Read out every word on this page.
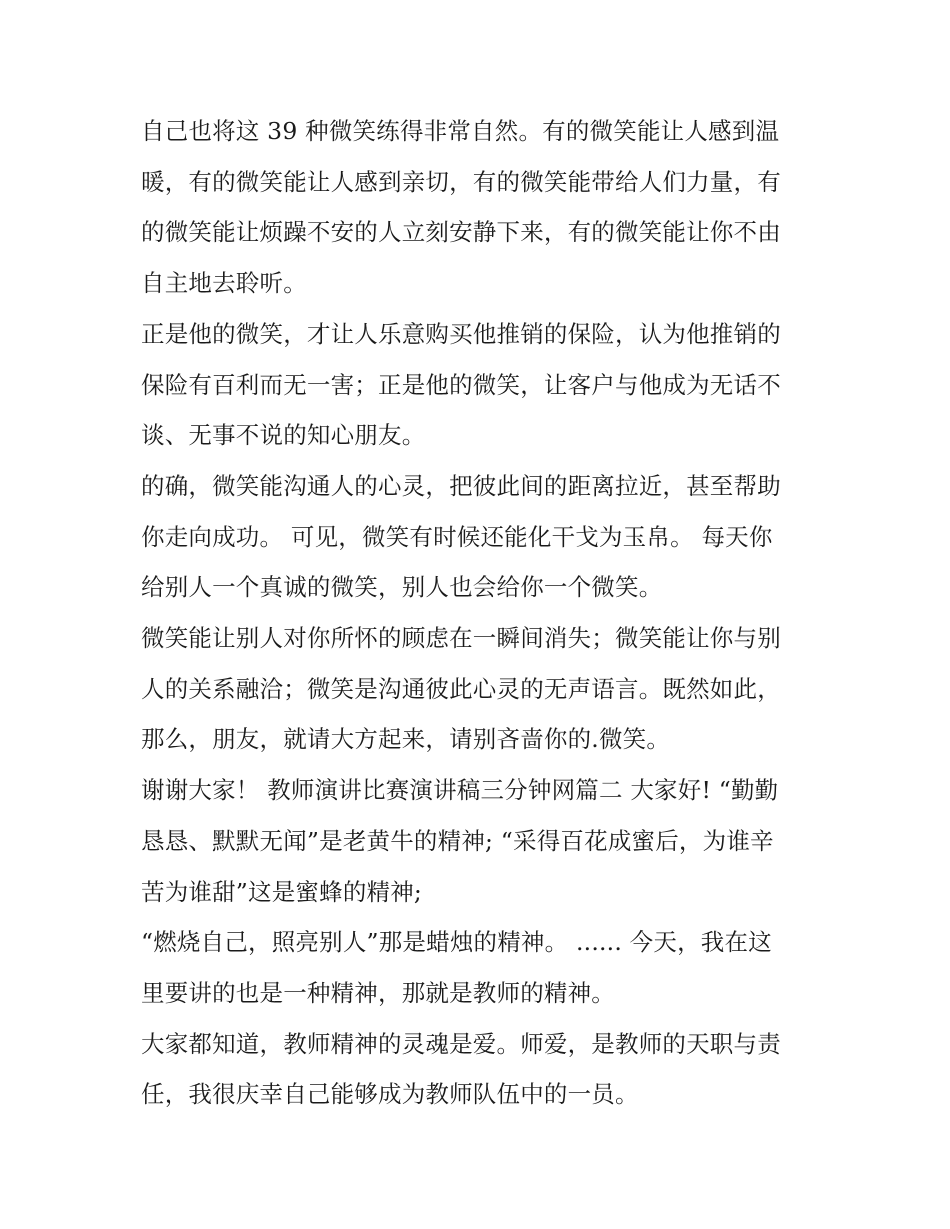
自己也将这 39 种微笑练得非常自然。有的微笑能让人感到温
暖，有的微笑能让人感到亲切，有的微笑能带给人们力量，有
的微笑能让烦躁不安的人立刻安静下来，有的微笑能让你不由
自主地去聆听。

正是他的微笑，才让人乐意购买他推销的保险，认为他推销的
保险有百利而无一害；正是他的微笑，让客户与他成为无话不
谈、无事不说的知心朋友。

的确，微笑能沟通人的心灵，把彼此间的距离拉近，甚至帮助
你走向成功。 可见，微笑有时候还能化干戈为玉帛。 每天你
给别人一个真诚的微笑，别人也会给你一个微笑。

微笑能让别人对你所怀的顾虑在一瞬间消失；微笑能让你与别
人的关系融洽；微笑是沟通彼此心灵的无声语言。既然如此，
那么，朋友，就请大方起来，请别吝啬你的.微笑。

谢谢大家！ 教师演讲比赛演讲稿三分钟网篇二 大家好! “勤勤
恳恳、默默无闻”是老黄牛的精神; “采得百花成蜜后，为谁辛
苦为谁甜”这是蜜蜂的精神;

“燃烧自己，照亮别人”那是蜡烛的精神。 ...... 今天，我在这
里要讲的也是一种精神，那就是教师的精神。

大家都知道，教师精神的灵魂是爱。师爱，是教师的天职与责
任，我很庆幸自己能够成为教师队伍中的一员。
